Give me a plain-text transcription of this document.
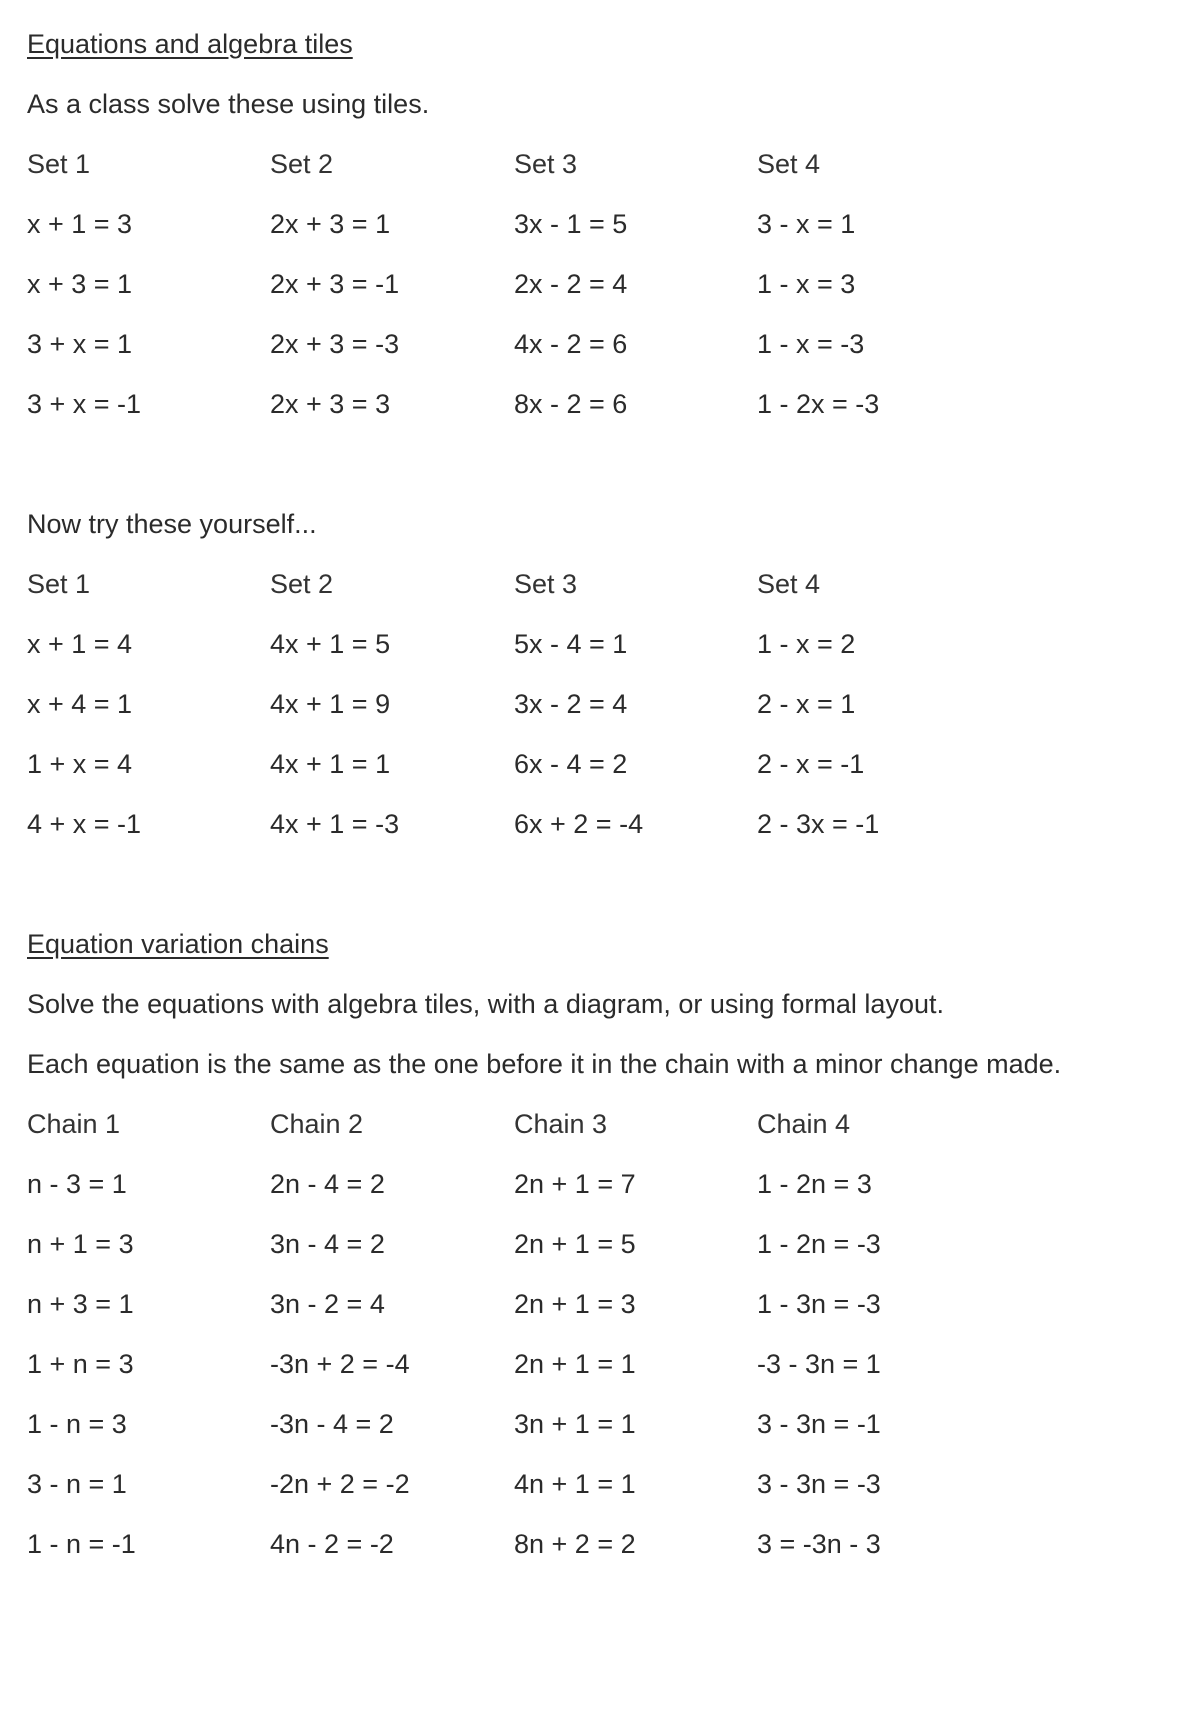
Equations and algebra tiles
As a class solve these using tiles.
Set 1	Set 2	Set 3	Set 4
x + 1 = 3	2x + 3 = 1	3x - 1 = 5	3 - x = 1
x + 3 = 1	2x + 3 = -1	2x - 2 = 4	1 - x = 3
3 + x = 1	2x + 3 = -3	4x - 2 = 6	1 - x = -3
3 + x = -1	2x + 3 = 3	8x - 2 = 6	1 - 2x = -3
Now try these yourself...
Set 1	Set 2	Set 3	Set 4
x + 1 = 4	4x + 1 = 5	5x - 4 = 1	1 - x = 2
x + 4 = 1	4x + 1 = 9	3x - 2 = 4	2 - x = 1
1 + x = 4	4x + 1 = 1	6x - 4 = 2	2 - x = -1
4 + x = -1	4x + 1 = -3	6x + 2 = -4	2 - 3x = -1
Equation variation chains
Solve the equations with algebra tiles, with a diagram, or using formal layout.
Each equation is the same as the one before it in the chain with a minor change made.
Chain 1	Chain 2	Chain 3	Chain 4
n - 3 = 1	2n - 4 = 2	2n + 1 = 7	1 - 2n = 3
n + 1 = 3	3n - 4 = 2	2n + 1 = 5	1 - 2n = -3
n + 3 = 1	3n - 2 = 4	2n + 1 = 3	1 - 3n = -3
1 + n = 3	-3n + 2 = -4	2n + 1 = 1	-3 - 3n = 1
1 - n = 3	-3n - 4 = 2	3n + 1 = 1	3 - 3n = -1
3 - n = 1	-2n + 2 = -2	4n + 1 = 1	3 - 3n = -3
1 - n = -1	4n - 2 = -2	8n + 2 = 2	3 = -3n - 3
